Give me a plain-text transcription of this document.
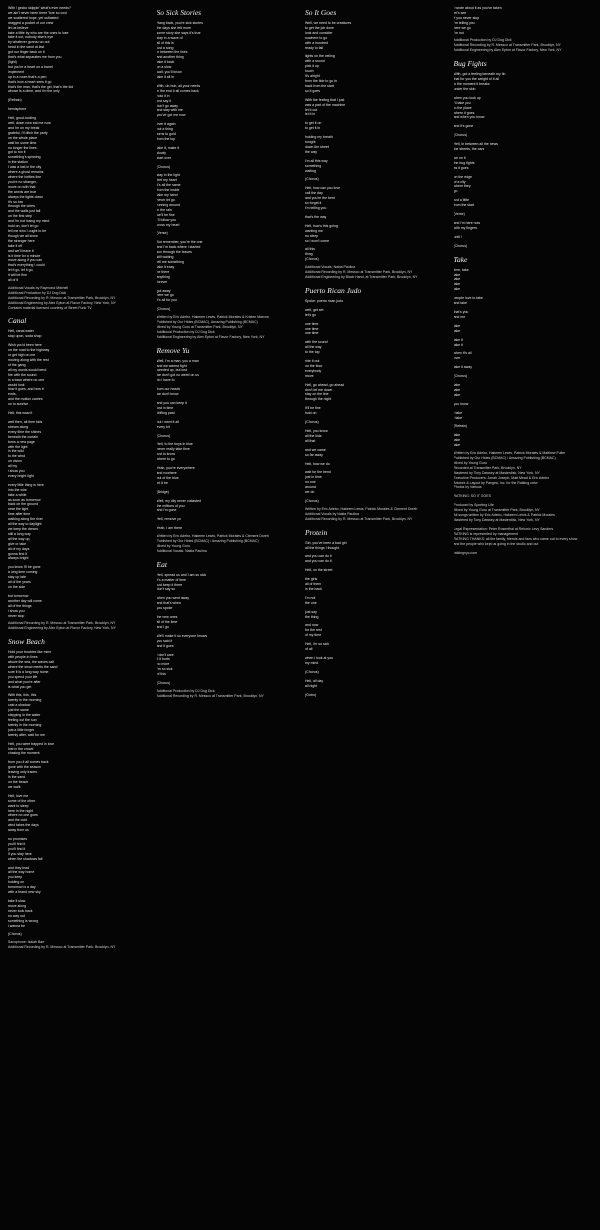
With / gecko skippin' what's ever needs?
we ain't never been there 'fore so cool
we scattered hope, yet outlasted
dragged a pocket of our crew
let us believe
take a little by who are the ones to lose
take it out, nobody else's eye
by whatever gonna run out
head in the sand at last
got our finger back on it
that's what separates me from you
(light)
but you're a heart on a barrel
implement
up in a room that's a pen
that's how a heart sees it go
that's the man, that's the girl, that's the kid
whose is a dime, and I'm the only
(Refrain)
hemisphere
Hell, good-looking
well, down now eat me now
and i'm on my break
grateful, i'll ditch the party
on the whole place
wait for some time
no longer the lines
got to run it
something's spinning
in the station
I was a lost in the city
where a ghost remains
where the bottles line
you're no stranger,
move on with that
the words are true
always the lights down
it's so low
through the wires
and the walls just fall
on the first step
and i'm not losing my mind
hold on, don't let go
tell me who I ought to be
though we all know
the stranger here
take it off
and we'll leave it
is it time for a minute
move along if you can
that's everything I could
let it go, let it go,
it will be fine
all of it
Additional Vocals by Raymond Mitchell
Additional Production by DJ Dog Dick
Additional Recording by R. Messco at Transmitter Park, Brooklyn, NY
Additional Engineering by Alex Epton at Flavor Factory, New York, NY
Contains material licensed courtesy of Street Funk TV
Canal
Hell, canal water
stop upon, soda shop
Wish you'd been here
on the road to the highway
or get high on me
moving along with the rest
of the gang
all my words would bend
fire with the sound
in a town where no one
would look
how it goes, and how it
ends,
and the motion carries
on to sunrise
Hell, this wasn't
well then, all thee kids
stream along
every time the shines
beneath the curtain
turns a new page
with the light
in the wild
to the wind
on vision
all my
i show you
every bright light
every little thing is here
into the wire
take a while
as soon as tomorrow
back on the ground
near the light
time after time
walking along the river
all the way to daylight
we keep the dream
still a long way
all the way up,
give or take
all of my days
gonna find it
always bright
you know I'll be gone
a long time coming
stay up late
all of the years
on the side
but tomorrow
another day will come
all of the things
i show you
never stop
Additional Recording by R. Messco at Transmitter Park, Brooklyn, NY
Additional Engineering by Alex Epton at Flavor Factory, New York, NY
Snow Beach
Hold your troubles like mine
with people in lines
above the sea, the waves call
where the snow meets the sand
sure it is a long way home
you spend your life
and what you're after
is what you get
With this, this, this
twenty in the morning
cast a shadow
just the same
stepping in the water
feeling out the sun
twenty in the morning
just a little longer
twenty after, wait for me
Hell, you were trapped in love
lost in the crowd
chasing the moment
from you it all comes back
gone with the season
leaving only traces
in the sand
on the beach
we walk
Hell, love me
some of the other
want to sleep
here in the night
where no one goes
and the cold
wind takes the days
away from us
no promises
you'll find it
you'll find it
if you stay here
when the shadows fall
and they lead
all the way home
you keep
holding on
tomorrow is a day
with a brand new sky
take it slow
move along
never look back
no way out
something is wrong
i wanna be
(Chorus)
Saxophone: Isaiah Barr
Additional Recording by R. Messco at Transmitter Park, Brooklyn, NY
So Sick Stories
Hang back, you're sick stories
the days she felt more
some story she says it's true
stay in a wave of
all of this is
just a song
in between the lines
and another thing
take it back
on a slow
wait, you'll know
take it all in
With, uh-huh, all your needs
in the end it all comes back
hold it in
just say it
don't go away
and stay with me
you've got me now
over it again
not a thing
turns to gold
from the top
take it, make it
slowly
start over
(Chorus)
stay in the light
feel my heart
it's all the same
from the inside
take my hand
never let go
running around
in the rain
we'll be fine
i'll follow you
cross my heart
(Verse)
But remember, you're the one
and I'm back where I started
sun through the leaves
still waiting
tell me something
take it easy
be there
anything
forever
got away
here we go
it's all for you
(Chorus)
Written by Eric Adebo, Hakeem Lewis, Patrick Morales & Kristen Marrow
Published by Our Hides (BCMAC), Amazing Publishing (BCMAC)
Mixed by Young Guru at Transmitter Park, Brooklyn, NY
Additional Production by DJ Dog Dick
Additional Engineering by Alex Epton at Flavor Factory, New York, NY
Remove Yu
Well, I'm a man, you a man
and we wanna fight
weeded up, but lost
we don't got no weed on us
do i have to
from our heads
we don't know
and you can keep it
lost in time
drifting past
but I want it all
every bit
(Chorus)
Hell, to the boys in blue
never really take time
just to know
where to go
Yeah, you're everywhere
and nowhere
out of the blue
let it be
(Bridge)
Well, my city never outlasted
the millions of you
and i'm gone
Hell, remove yu
Yeah, I am there
Written by Eric Adebo, Hakeem Lewis, Patrick Morales & Clement Doreh
Published by Our Hides (BCMAC) / Amazing Publishing (BCMAC)
Mixed by Young Guru
Additional Vocals: Nakia Paulina
Eat
Hell, spread us and I am so sick
it's a matter of time
just keep it there
don't say so
when you went away
and that's when
you spoke
the new ones
all of the time
and i go
We'll make it so everyone knows
you said it
and it goes
I don't care
if it hurts
no more
i'm so sick
of this
(Chorus)
Additional Production by DJ Dog Dick
Additional Recording by R. Messco at Transmitter Park, Brooklyn, NY
So It Goes
Well, we need to be creatures
to get the job done
look and consider
nowhere to go
with a hundred
ready to fall
lights on the ceiling
with a sound
pick it up
touch
it's alright
from the tide to go in
back from the start
so it goes
With the feeling that I just
was a part of the machine
let it out
let it in
to get it on
to get it in
holding my breath
tonight
down the street
the way
I'm all this way
something
waiting
(Chorus)
Hell, how can you love
call the day
and you're the best
so forget it
I'm telling you
that's the way
Hell, how's this going
wanting me
no sleep
so i won't come
all this
thing
(Chorus)
Additional Vocals: Nakia Paulina
Additional Recording by R. Messco at Transmitter Park, Brooklyn, NY
Additional Engineering by Black Hand, at Transmitter Park, Brooklyn, NY
Puerto Rican Judo
Spoke: puerto rican judo
well, get set
let's go
one time
one time
one time
with the sound
all the way
to the top
ride it out
on the floor
everybody
move
Hell, go ahead, go ahead
don't let me down
stay on the line
through the night
It'll be fine
hold on
(Chorus)
Hell, you know
all the kids
all that
and we came
so far away
Hell, how we do
wait for the bend
just in time
no one
around
we do
(Chorus)
Written by Eric Adebo, Hakeem Lewis, Patrick Morales & Clement Doreh
Additional Vocals by Nakia Paulina
Additional Recording by R. Messco at Transmitter Park, Brooklyn, NY
Protein
Girl, you've been a bad girl
all the things I thought
and you can do it
and you can do it
Hell, on the street
the girls
all of them
in the back
I'm not
the one
just say
the thing
and now
for the rest
of my time
Hell, i'm so sick
of all
when i look at you
my mind
(Chorus)
Hell, all day
all night
(Outro)
I wrote about it as you've taken
let's see
if you never stop
i'm telling you
here we go
i'm not
Additional Production by DJ Dog Dick
Additional Recording by R. Messco at Transmitter Park, Brooklyn, NY
Additional Engineering by Alex Epton at Flavor Factory, New York, NY
Bug Fights
With, got a feeling beneath my fin
that for you the weight of it all
is the moment it breaks
under the skin
when you look up
i'll take you
to the place
where it goes
and when you know
and it's gone
(Chorus)
Hell, in between all the news
the streets, the cars
we on it
the bug fights
as it goes
on the edge
of a city
where they
go
just a little
from the start
(Verse)
and i'm here now
with my fingers
until i
(Chorus)
Take
time, take
take
take
take
take
people love to take
and take
that's you
and me
take
take
take it
take it
when it's all
over
take it away
(Chorus)
take
take
take
you know
I take
I take
(Refrain)
take
take
take
Written by Eric Adebo, Hakeem Lewis, Patrick Morales & Matthew Fuller
Published by Our Hides (BCMAC) / Amazing Publishing (BCMAC)
Mixed by Young Guru
Recorded at Transmitter Park, Brooklyn, NY
Mastered by Tony Dawsey at Masterdisk, New York, NY
Executive Producers: Jonah Joseph, Matt Mead & Eric Adebo
Artwork & Layout by Pangea, Inc. for the Ratking crew
Photos by Various
RATKING: SO IT GOES
Produced by Sporting Life
Mixed by Young Guru at Transmitter Park, Brooklyn, NY
All songs written by Eric Adebo, Hakeem Lewis & Patrick Morales
Mastered by Tony Dawsey at Masterdisk, New York, NY
Legal Representation: Peter Rosenthal at Rehoric Levy Sanders
RATKING is represented by management
RATKING THANKS: all the family, friends and fans who came out to every show
and the people who kept us going in the studio and out
ratkingnyc.com
